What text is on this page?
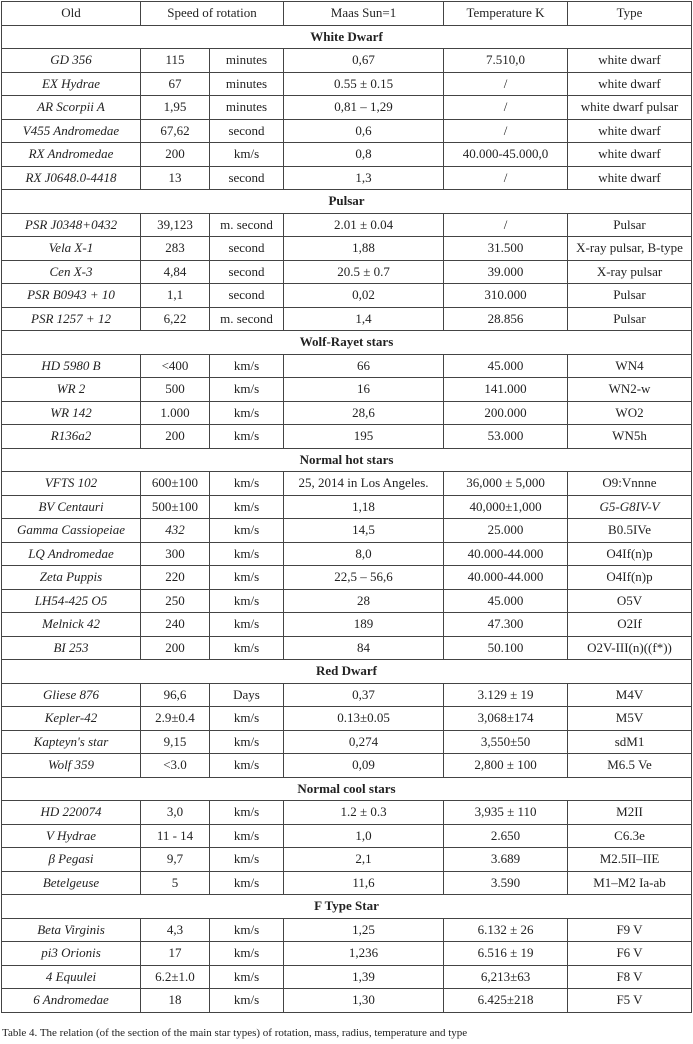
Old	Speed of rotation		Maas Sun=1	Temperature K	Type
White Dwarf					
GD 356	115	minutes	0,67	7.510,0	white dwarf
EX Hydrae	67	minutes	0.55 ± 0.15	/	white dwarf
AR Scorpii A	1,95	minutes	0,81 – 1,29	/	white dwarf pulsar
V455 Andromedae	67,62	second	0,6	/	white dwarf
RX Andromedae	200	km/s	0,8	40.000-45.000,0	white dwarf
RX J0648.0-4418	13	second	1,3	/	white dwarf
Pulsar					
PSR J0348+0432	39,123	m. second	2.01 ± 0.04	/	Pulsar
Vela X-1	283	second	1,88	31.500	X-ray pulsar, B-type
Cen X-3	4,84	second	20.5 ± 0.7	39.000	X-ray pulsar
PSR B0943 + 10	1,1	second	0,02	310.000	Pulsar
PSR 1257 + 12	6,22	m. second	1,4	28.856	Pulsar
Wolf-Rayet stars					
HD 5980 B	<400	km/s	66	45.000	WN4
WR 2	500	km/s	16	141.000	WN2-w
WR 142	1.000	km/s	28,6	200.000	WO2
R136a2	200	km/s	195	53.000	WN5h
Normal hot stars					
VFTS 102	600±100	km/s	25, 2014 in Los Angeles.	36,000 ± 5,000	O9:Vnnne
BV Centauri	500±100	km/s	1,18	40,000±1,000	G5-G8IV-V
Gamma Cassiopeiae	432	km/s	14,5	25.000	B0.5IVe
LQ Andromedae	300	km/s	8,0	40.000-44.000	O4If(n)p
Zeta Puppis	220	km/s	22,5 – 56,6	40.000-44.000	O4If(n)p
LH54-425 O5	250	km/s	28	45.000	O5V
Melnick 42	240	km/s	189	47.300	O2If
BI 253	200	km/s	84	50.100	O2V-III(n)((f*))
Red Dwarf					
Gliese 876	96,6	Days	0,37	3.129 ± 19	M4V
Kepler-42	2.9±0.4	km/s	0.13±0.05	3,068±174	M5V
Kapteyn's star	9,15	km/s	0,274	3,550±50	sdM1
Wolf 359	<3.0	km/s	0,09	2,800 ± 100	M6.5 Ve
Normal cool stars					
HD 220074	3,0	km/s	1.2 ± 0.3	3,935 ± 110	M2II
V Hydrae	11 - 14	km/s	1,0	2.650	C6.3e
β Pegasi	9,7	km/s	2,1	3.689	M2.5II–IIE
Betelgeuse	5	km/s	11,6	3.590	M1–M2 Ia-ab
F Type Star					
Beta Virginis	4,3	km/s	1,25	6.132 ± 26	F9 V
pi3 Orionis	17	km/s	1,236	6.516 ± 19	F6 V
4 Equulei	6.2±1.0	km/s	1,39	6,213±63	F8 V
6 Andromedae	18	km/s	1,30	6.425±218	F5 V
Table 4. The relation (of the section of the main star types) of rotation, mass, radius, temperature and type
